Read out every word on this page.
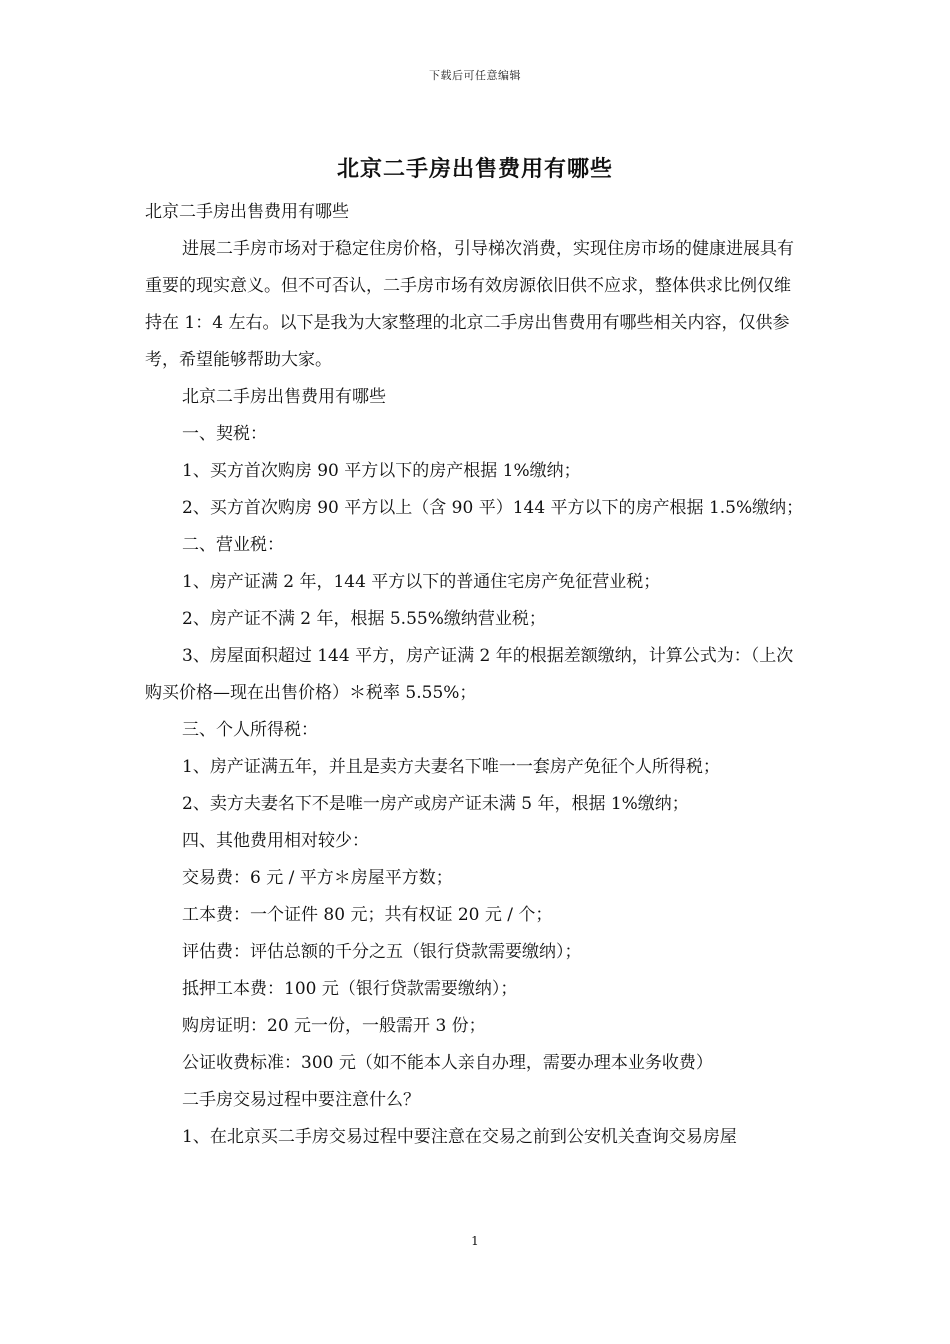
下载后可任意编辑
北京二手房出售费用有哪些

北京二手房出售费用有哪些

进展二手房市场对于稳定住房价格，引导梯次消费，实现住房市场的健康进展具有重要的现实意义。但不可否认，二手房市场有效房源依旧供不应求，整体供求比例仅维持在 1：4 左右。以下是我为大家整理的北京二手房出售费用有哪些相关内容，仅供参考，希望能够帮助大家。

北京二手房出售费用有哪些

一、契税：

1、买方首次购房 90 平方以下的房产根据 1%缴纳；

2、买方首次购房 90 平方以上（含 90 平）144 平方以下的房产根据 1.5%缴纳；

二、营业税：

1、房产证满 2 年，144 平方以下的普通住宅房产免征营业税；

2、房产证不满 2 年，根据 5.55%缴纳营业税；

3、房屋面积超过 144 平方，房产证满 2 年的根据差额缴纳，计算公式为：（上次购买价格—现在出售价格）＊税率 5.55%；

三、个人所得税：

1、房产证满五年，并且是卖方夫妻名下唯一一套房产免征个人所得税；

2、卖方夫妻名下不是唯一房产或房产证未满 5 年，根据 1%缴纳；

四、其他费用相对较少：

交易费：6 元 / 平方＊房屋平方数；

工本费：一个证件 80 元；共有权证 20 元 / 个；

评估费：评估总额的千分之五（银行贷款需要缴纳）；

抵押工本费：100 元（银行贷款需要缴纳）；

购房证明：20 元一份，一般需开 3 份；

公证收费标准：300 元（如不能本人亲自办理，需要办理本业务收费）

二手房交易过程中要注意什么？

1、在北京买二手房交易过程中要注意在交易之前到公安机关查询交易房屋

1
